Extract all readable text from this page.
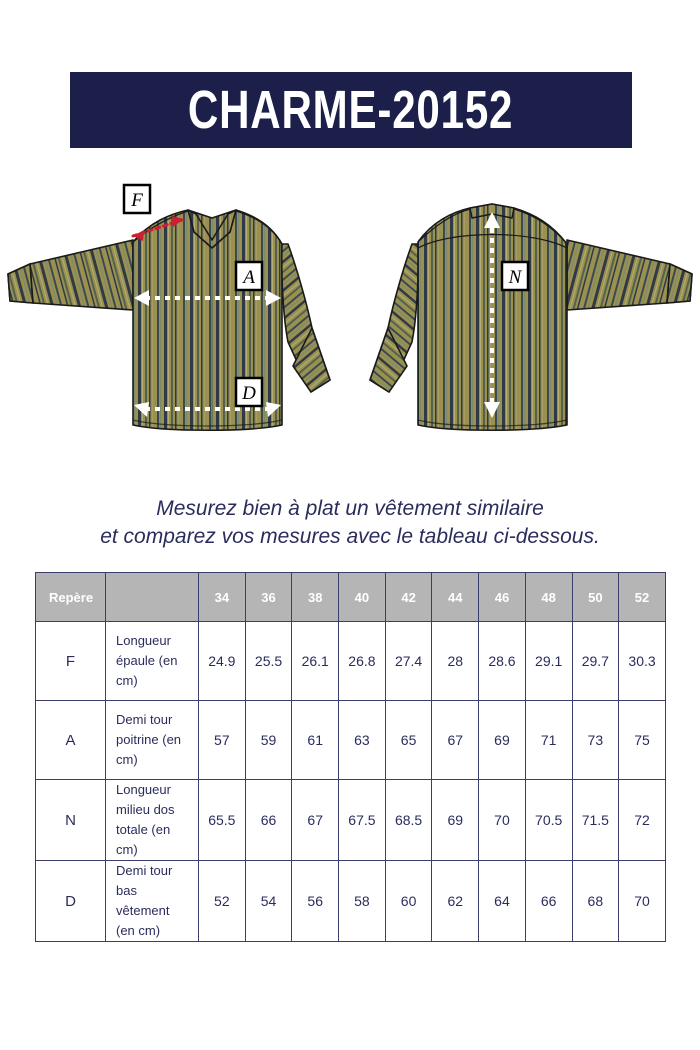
CHARME-20152
F
A
D
N
Mesurez bien à plat un vêtement similaire
et comparez vos mesures avec le tableau ci-dessous.
Repère		34	36	38	40	42	44	46	48	50	52
F	Longueur épaule (en cm)	24.9	25.5	26.1	26.8	27.4	28	28.6	29.1	29.7	30.3
A	Demi tour poitrine (en cm)	57	59	61	63	65	67	69	71	73	75
N	Longueur milieu dos totale (en cm)	65.5	66	67	67.5	68.5	69	70	70.5	71.5	72
D	Demi tour bas vêtement (en cm)	52	54	56	58	60	62	64	66	68	70
